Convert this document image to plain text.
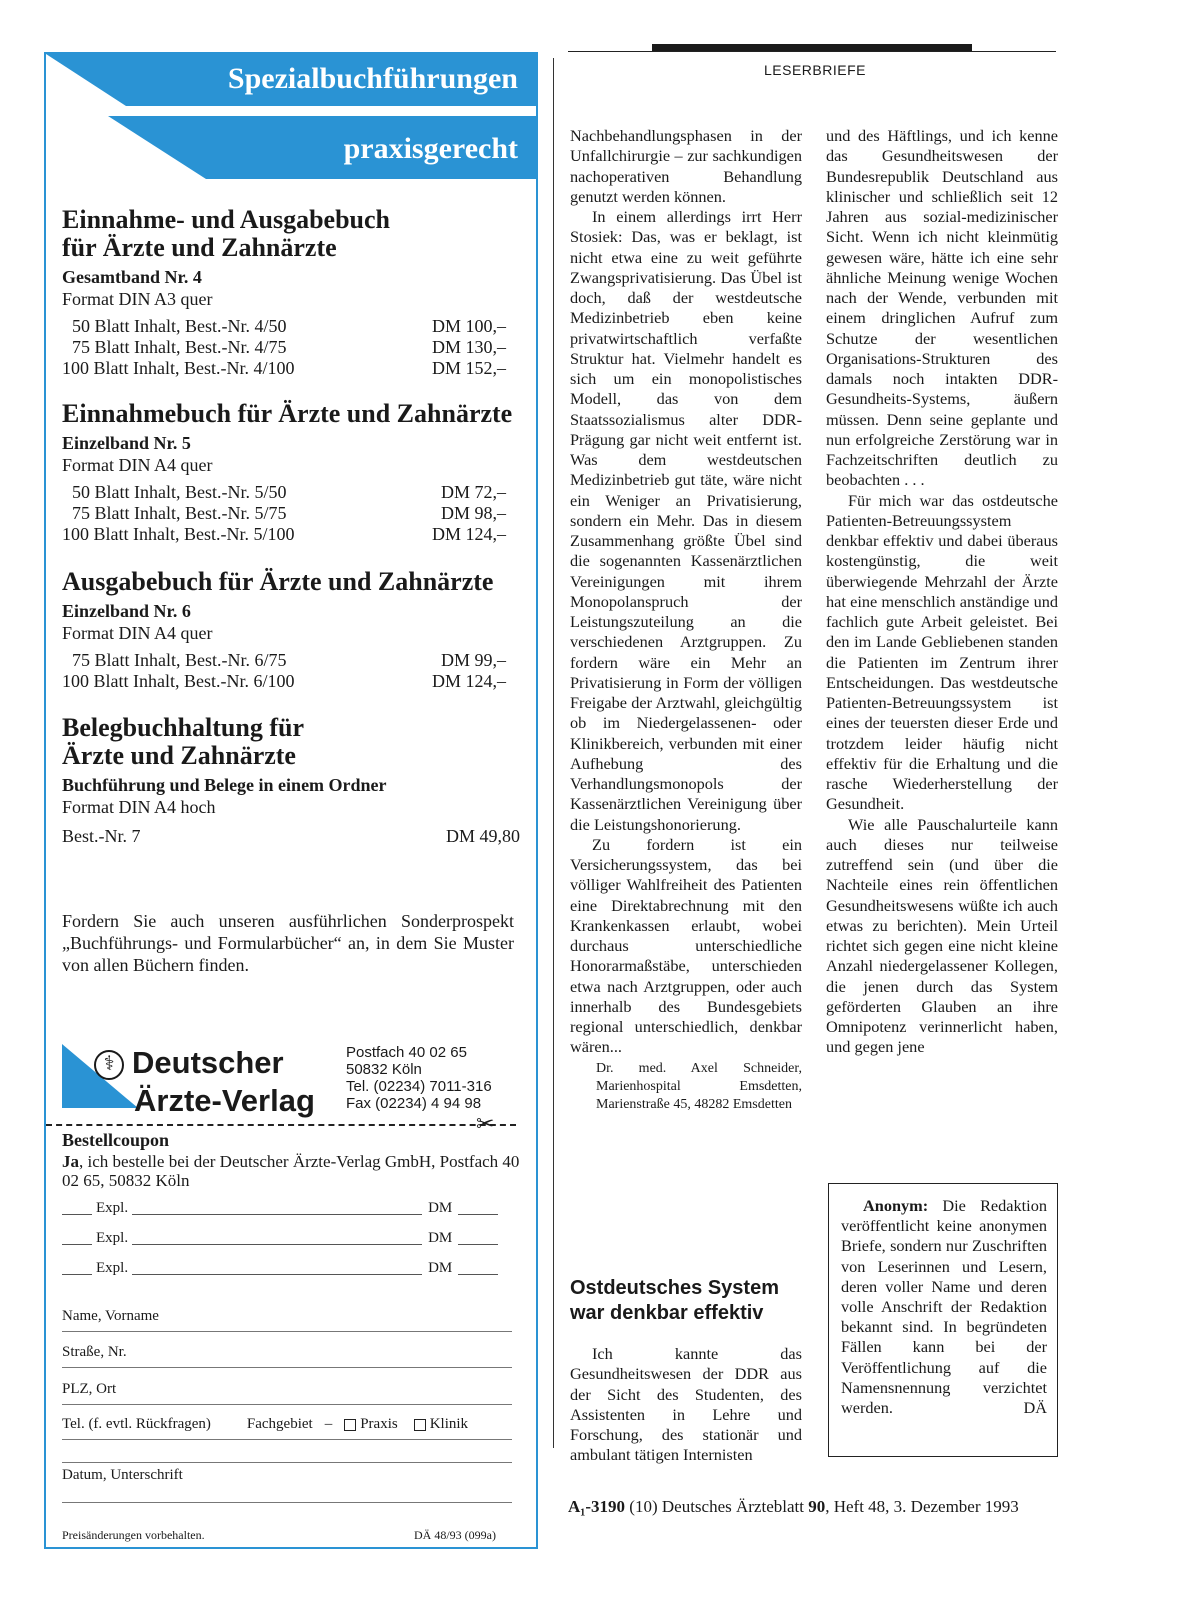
Spezialbuchführungen
praxisgerecht
Einnahme- und Ausgabebuch
für Ärzte und Zahnärzte
Gesamtband Nr. 4
Format DIN A3 quer
50 Blatt Inhalt, Best.-Nr. 4/50	DM 100,–
75 Blatt Inhalt, Best.-Nr. 4/75	DM 130,–
100 Blatt Inhalt, Best.-Nr. 4/100	DM 152,–
Einnahmebuch für Ärzte und Zahnärzte
Einzelband Nr. 5
Format DIN A4 quer
50 Blatt Inhalt, Best.-Nr. 5/50	DM 72,–
75 Blatt Inhalt, Best.-Nr. 5/75	DM 98,–
100 Blatt Inhalt, Best.-Nr. 5/100	DM 124,–
Ausgabebuch für Ärzte und Zahnärzte
Einzelband Nr. 6
Format DIN A4 quer
75 Blatt Inhalt, Best.-Nr. 6/75	DM 99,–
100 Blatt Inhalt, Best.-Nr. 6/100	DM 124,–
Belegbuchhaltung für
Ärzte und Zahnärzte
Buchführung und Belege in einem Ordner
Format DIN A4 hoch
Best.-Nr. 7	DM 49,80
Fordern Sie auch unseren ausführlichen Sonderprospekt „Buchführungs- und Formularbücher“ an, in dem Sie Muster von allen Büchern finden.
⚕ Deutscher
Ärzte-Verlag
Postfach 40 02 65
50832 Köln
Tel. (02234) 7011-316
Fax (02234) 4 94 98
✂
Bestellcoupon
Ja, ich bestelle bei der Deutscher Ärzte-Verlag GmbH, Postfach 40 02 65, 50832 Köln
Expl.	DM
Expl.	DM
Expl.	DM
Name, Vorname
Straße, Nr.
PLZ, Ort
Tel. (f. evtl. Rückfragen) Fachgebiet – Praxis Klinik
Datum, Unterschrift
Preisänderungen vorbehalten.	DÄ 48/93 (099a)
LESERBRIEFE

Nachbehandlungsphasen in der Unfallchirurgie – zur sachkundigen nachoperativen Behandlung genutzt werden können.

In einem allerdings irrt Herr Stosiek: Das, was er beklagt, ist nicht etwa eine zu weit geführte Zwangsprivatisierung. Das Übel ist doch, daß der westdeutsche Medizinbetrieb eben keine privatwirtschaftlich verfaßte Struktur hat. Vielmehr handelt es sich um ein monopolistisches Modell, das von dem Staatssozialismus alter DDR-Prägung gar nicht weit entfernt ist. Was dem westdeutschen Medizinbetrieb gut täte, wäre nicht ein Weniger an Privatisierung, sondern ein Mehr. Das in diesem Zusammenhang größte Übel sind die sogenannten Kassenärztlichen Vereinigungen mit ihrem Monopolanspruch der Leistungszuteilung an die verschiedenen Arztgruppen. Zu fordern wäre ein Mehr an Privatisierung in Form der völligen Freigabe der Arztwahl, gleichgültig ob im Niedergelassenen- oder Klinikbereich, verbunden mit einer Aufhebung des Verhandlungsmonopols der Kassenärztlichen Vereinigung über die Leistungshonorierung.

Zu fordern ist ein Versicherungssystem, das bei völliger Wahlfreiheit des Patienten eine Direktabrechnung mit den Krankenkassen erlaubt, wobei durchaus unterschiedliche Honorarmaßstäbe, unterschieden etwa nach Arztgruppen, oder auch innerhalb des Bundesgebiets regional unterschiedlich, denkbar wären...

Dr. med. Axel Schneider, Marienhospital Emsdetten, Marienstraße 45, 48282 Emsdetten
Ostdeutsches System war denkbar effektiv

Ich kannte das Gesundheitswesen der DDR aus der Sicht des Studenten, des Assistenten in Lehre und Forschung, des stationär und ambulant tätigen Internisten

und des Häftlings, und ich kenne das Gesundheitswesen der Bundesrepublik Deutschland aus klinischer und schließlich seit 12 Jahren aus sozial-medizinischer Sicht. Wenn ich nicht kleinmütig gewesen wäre, hätte ich eine sehr ähnliche Meinung wenige Wochen nach der Wende, verbunden mit einem dringlichen Aufruf zum Schutze der wesentlichen Organisations-Strukturen des damals noch intakten DDR-Gesundheits-Systems, äußern müssen. Denn seine geplante und nun erfolgreiche Zerstörung war in Fachzeitschriften deutlich zu beobachten . . .

Für mich war das ostdeutsche Patienten-Betreuungssystem denkbar effektiv und dabei überaus kostengünstig, die weit überwiegende Mehrzahl der Ärzte hat eine menschlich anständige und fachlich gute Arbeit geleistet. Bei den im Lande Gebliebenen standen die Patienten im Zentrum ihrer Entscheidungen. Das westdeutsche Patienten-Betreuungssystem ist eines der teuersten dieser Erde und trotzdem leider häufig nicht effektiv für die Erhaltung und die rasche Wiederherstellung der Gesundheit.

Wie alle Pauschalurteile kann auch dieses nur teilweise zutreffend sein (und über die Nachteile eines rein öffentlichen Gesundheitswesens wüßte ich auch etwas zu berichten). Mein Urteil richtet sich gegen eine nicht kleine Anzahl niedergelassener Kollegen, die jenen durch das System geförderten Glauben an ihre Omnipotenz verinnerlicht haben, und gegen jene

Anonym: Die Redaktion veröffentlicht keine anonymen Briefe, sondern nur Zuschriften von Leserinnen und Lesern, deren voller Name und deren volle Anschrift der Redaktion bekannt sind. In begründeten Fällen kann bei der Veröffentlichung auf die Namensnennung verzichtet werden.	DÄ
A₁-3190 (10) Deutsches Ärzteblatt 90, Heft 48, 3. Dezember 1993
